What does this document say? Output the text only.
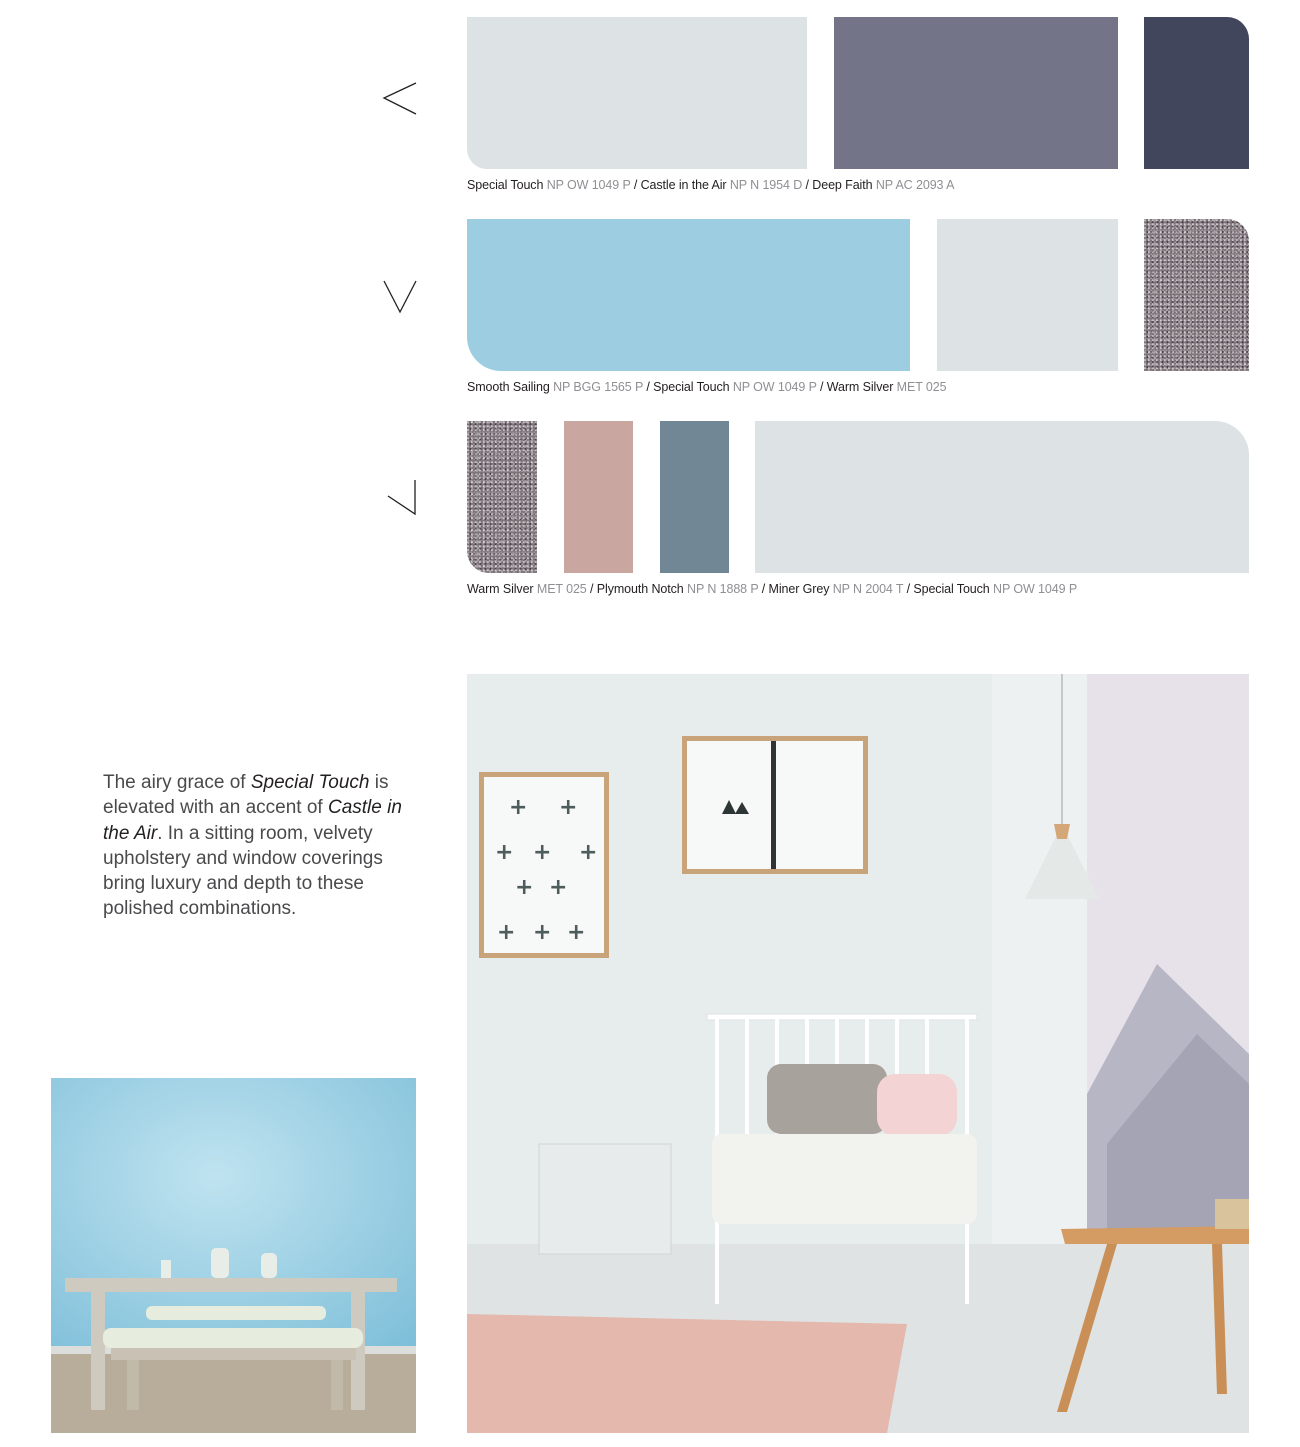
Special Touch NP OW 1049 P / Castle in the Air NP N 1954 D / Deep Faith NP AC 2093 A
Smooth Sailing NP BGG 1565 P / Special Touch NP OW 1049 P / Warm Silver MET 025
Warm Silver MET 025 / Plymouth Notch NP N 1888 P / Miner Grey NP N 2004 T / Special Touch NP OW 1049 P
The airy grace of Special Touch is elevated with an accent of Castle in the Air. In a sitting room, velvety upholstery and window coverings bring luxury and depth to these polished combinations.
+ +
+ + +
+ +
+ + +
